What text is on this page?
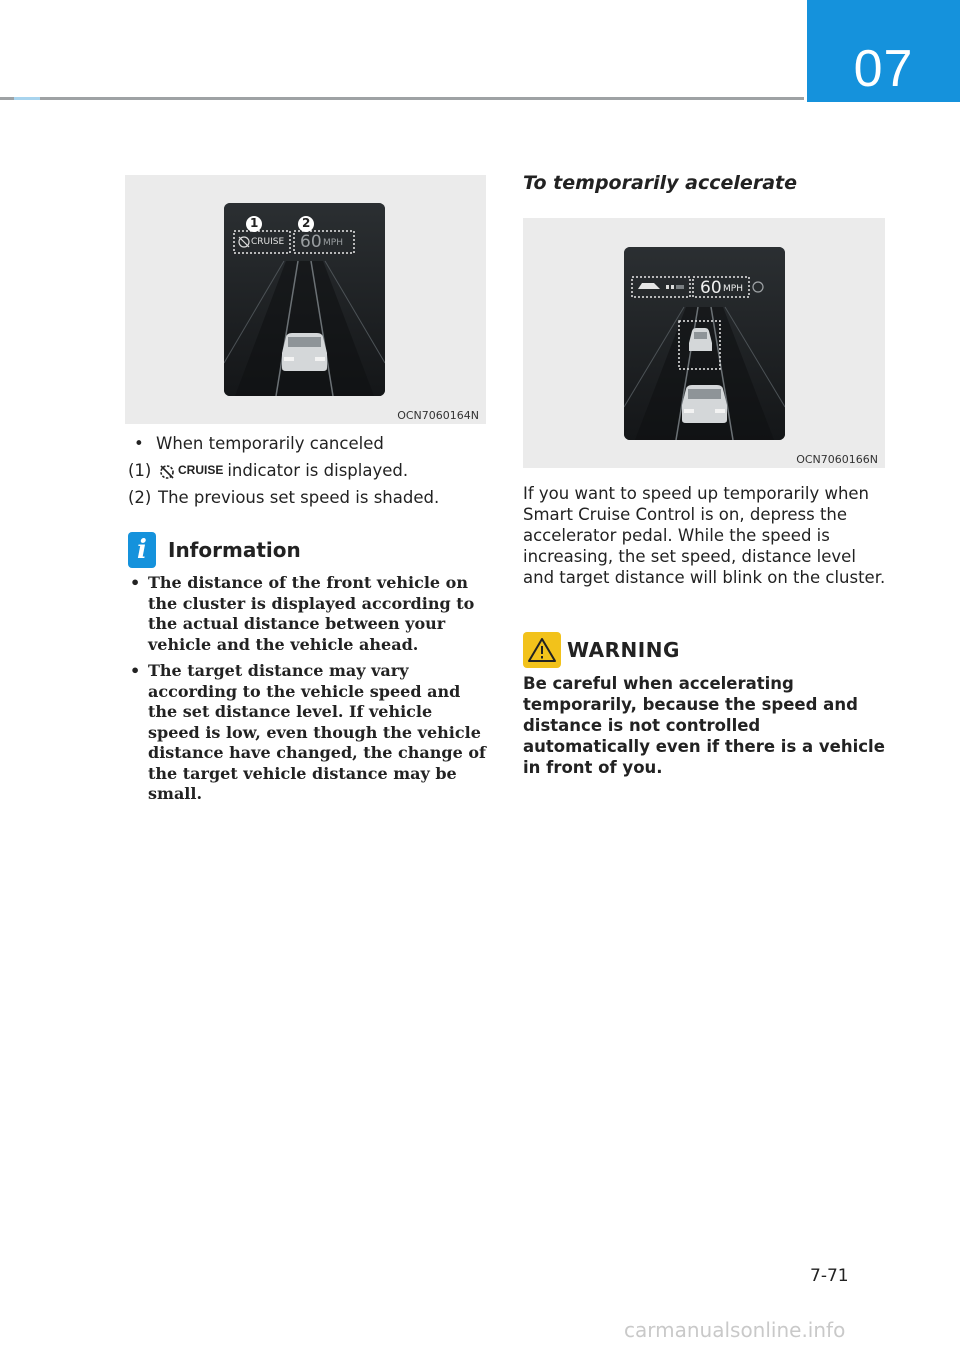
07
1	2
CRUISE 60 MPH
OCN7060164N
• When temporarily canceled
(1)	CRUISE indicator is displayed.
(2) The previous set speed is shaded.
i	Information
• The distance of the front vehicle on the cluster is displayed according to the actual distance between your vehicle and the vehicle ahead.
• The target distance may vary according to the vehicle speed and the set distance level. If vehicle speed is low, even though the vehicle distance have changed, the change of the target vehicle distance may be small.
To temporarily accelerate
60 MPH
OCN7060166N

If you want to speed up temporarily when Smart Cruise Control is on, depress the accelerator pedal. While the speed is increasing, the set speed, distance level and target distance will blink on the cluster.

WARNING

Be careful when accelerating temporarily, because the speed and distance is not controlled automatically even if there is a vehicle in front of you.

7-71
carmanualsonline.info
